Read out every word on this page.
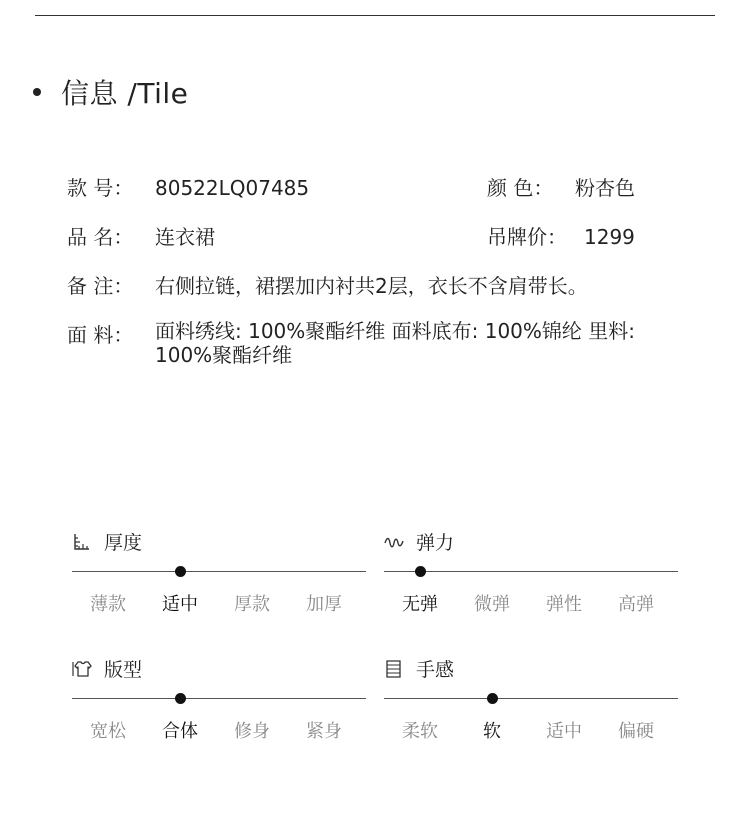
信息 /Tile
款 号： 80522LQ07485	颜 色： 粉杏色
品 名： 连衣裙	吊牌价： 1299
备 注： 右侧拉链，裙摆加内衬共2层，衣长不含肩带长。
面 料：	面料绣线: 100%聚酯纤维 面料底布: 100%锦纶 里料: 100%聚酯纤维
厚度
薄款	适中	厚款	加厚
弹力
无弹	微弹	弹性	高弹
版型
宽松	合体	修身	紧身
手感
柔软	软	适中	偏硬
